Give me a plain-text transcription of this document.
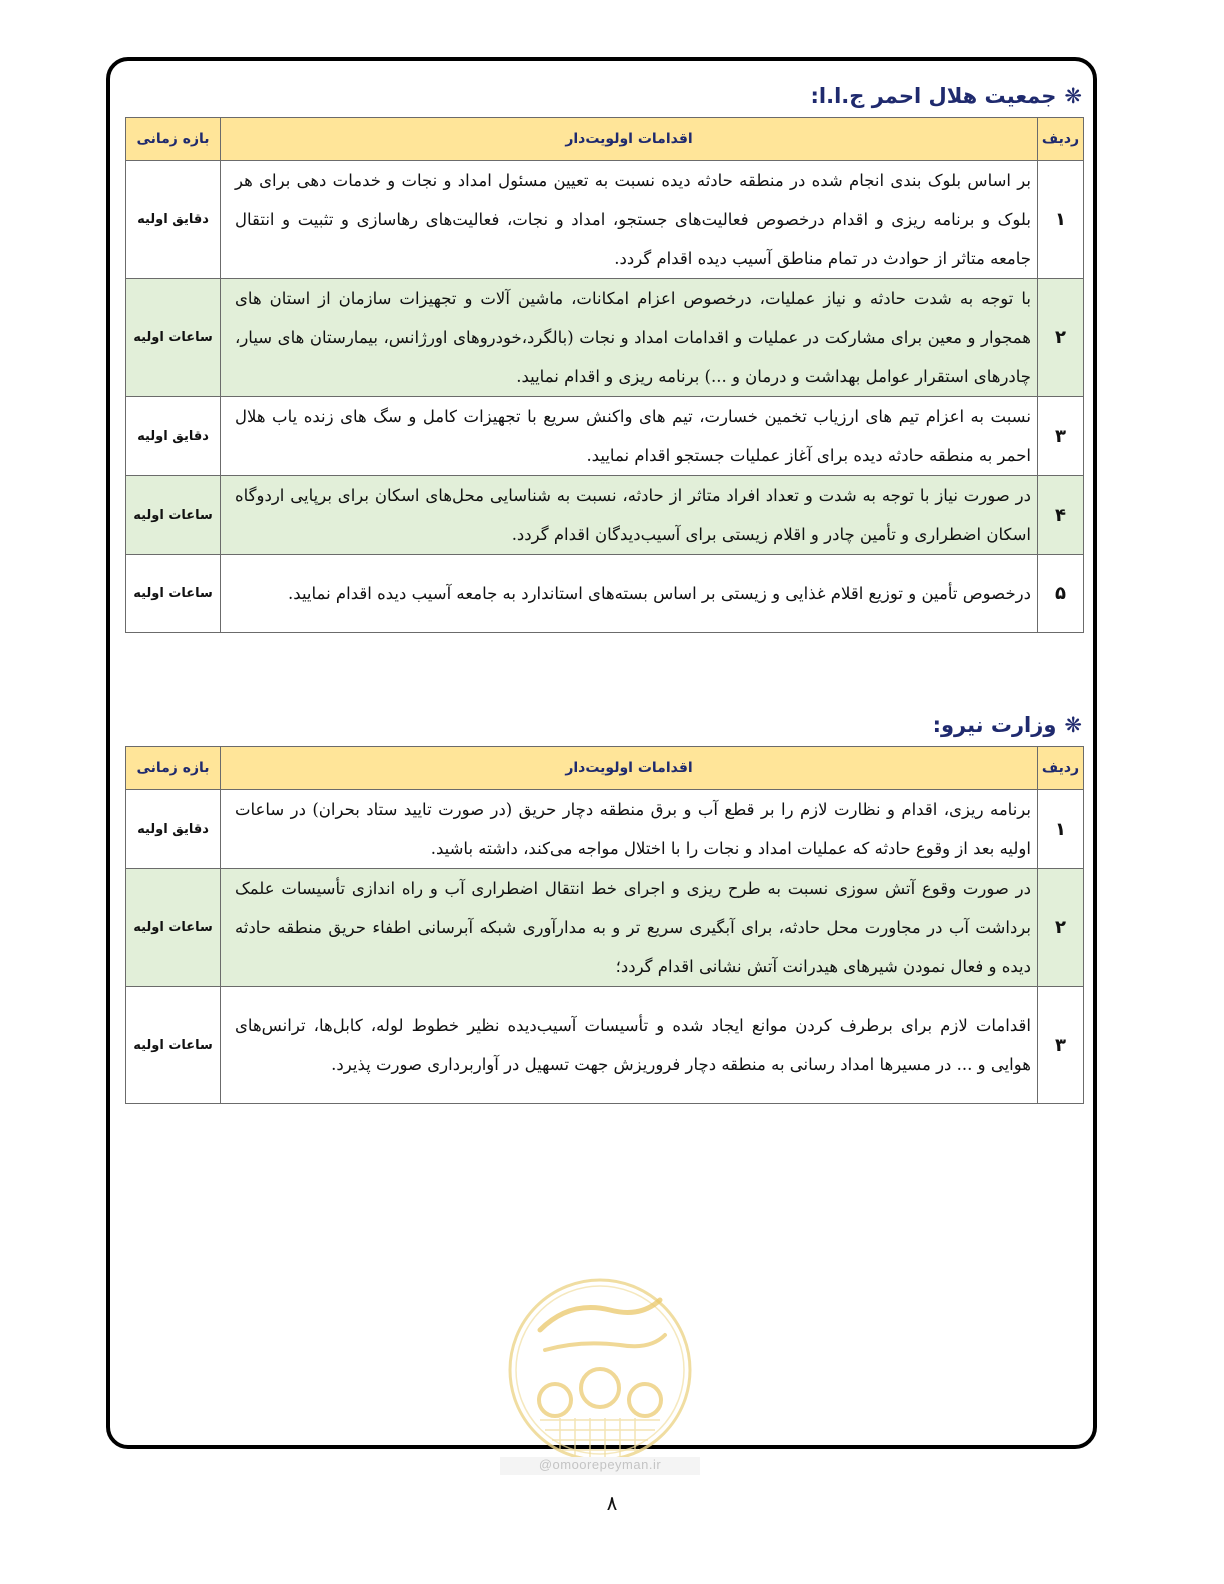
❋جمعیت هلال احمر ج.ا.ا:
ردیف	اقدامات اولویت‌دار	بازه زمانی
۱	بر اساس بلوک بندی انجام شده در منطقه حادثه دیده نسبت به تعیین مسئول امداد و نجات و خدمات دهی برای هر بلوک و برنامه ریزی و اقدام درخصوص فعالیت‌های جستجو، امداد و نجات، فعالیت‌های رهاسازی و تثبیت و انتقال جامعه متاثر از حوادث در تمام مناطق آسیب دیده اقدام گردد.	دقایق اولیه
۲	با توجه به شدت حادثه و نیاز عملیات، درخصوص اعزام امکانات، ماشین آلات و تجهیزات سازمان از استان های همجوار و معین برای مشارکت در عملیات و اقدامات امداد و نجات (بالگرد،خودروهای اورژانس، بیمارستان های سیار، چادرهای استقرار عوامل بهداشت و درمان و ...) برنامه ریزی و اقدام نمایید.	ساعات اولیه
۳	نسبت به اعزام تیم های ارزیاب تخمین خسارت، تیم های واکنش سریع با تجهیزات کامل و سگ های زنده یاب هلال احمر به منطقه حادثه دیده برای آغاز عملیات جستجو اقدام نمایید.	دقایق اولیه
۴	در صورت نیاز با توجه به شدت و تعداد افراد متاثر از حادثه، نسبت به شناسایی محل‌های اسکان برای برپایی اردوگاه اسکان اضطراری و تأمین چادر و اقلام زیستی برای آسیب‌دیدگان اقدام گردد.	ساعات اولیه
۵	درخصوص تأمین و توزیع اقلام غذایی و زیستی بر اساس بسته‌های استاندارد به جامعه آسیب دیده اقدام نمایید.	ساعات اولیه
❋وزارت نیرو:
ردیف	اقدامات اولویت‌دار	بازه زمانی
۱	برنامه ریزی، اقدام و نظارت لازم را بر قطع آب و برق منطقه دچار حریق (در صورت تایید ستاد بحران) در ساعات اولیه بعد از وقوع حادثه که عملیات امداد و نجات را با اختلال مواجه می‌کند، داشته باشید.	دقایق اولیه
۲	در صورت وقوع آتش سوزی نسبت به طرح ریزی و اجرای خط انتقال اضطراری آب و راه اندازی تأسیسات علمک برداشت آب در مجاورت محل حادثه، برای آبگیری سریع تر و به مدارآوری شبکه آبرسانی اطفاء حریق منطقه حادثه دیده و فعال نمودن شیرهای هیدرانت آتش نشانی اقدام گردد؛	ساعات اولیه
۳	اقدامات لازم برای برطرف کردن موانع ایجاد شده و تأسیسات آسیب‌دیده نظیر خطوط لوله، کابل‌ها، ترانس‌های هوایی و ... در مسیرها امداد رسانی به منطقه دچار فروریزش جهت تسهیل در آواربرداری صورت پذیرد.	ساعات اولیه
@omoorepeyman.ir
۸
